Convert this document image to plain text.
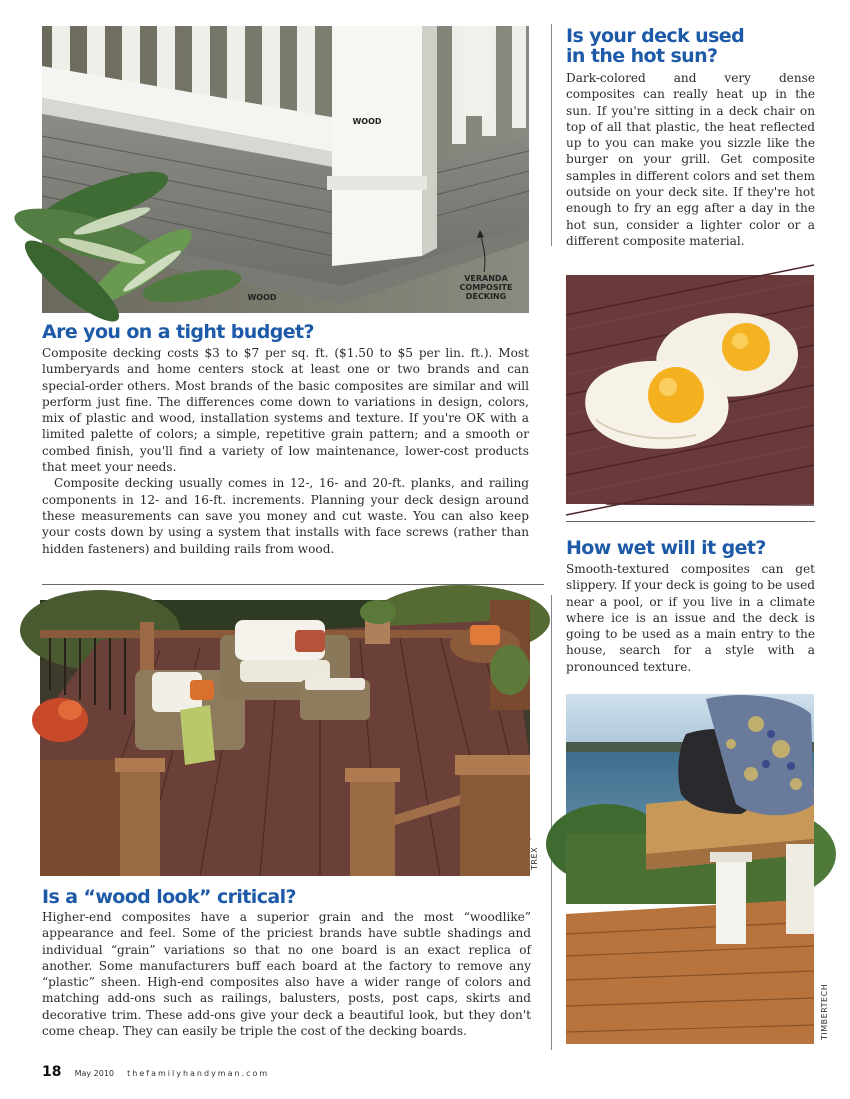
WOOD
WOOD
VERANDA COMPOSITE DECKING
Are you on a tight budget?

Composite decking costs $3 to $7 per sq. ft. ($1.50 to $5 per lin. ft.). Most lumberyards and home centers stock at least one or two brands and can special-order others. Most brands of the basic composites are similar and will perform just fine. The differences come down to variations in design, colors, mix of plastic and wood, installation systems and texture. If you're OK with a limited palette of colors; a simple, repetitive grain pattern; and a smooth or combed finish, you'll find a variety of low maintenance, lower-cost products that meet your needs.

Composite decking usually comes in 12-, 16- and 20-ft. planks, and railing components in 12- and 16-ft. increments. Planning your deck design around these measurements can save you money and cut waste. You can also keep your costs down by using a system that installs with face screws (rather than hidden fasteners) and building rails from wood.

TREX
Is a “wood look” critical?

Higher-end composites have a superior grain and the most “woodlike” appearance and feel. Some of the priciest brands have subtle shadings and individual “grain” variations so that no one board is an exact replica of another. Some manufacturers buff each board at the factory to remove any “plastic” sheen. High-end composites also have a wider range of colors and matching add-ons such as railings, balusters, posts, post caps, skirts and decorative trim. These add-ons give your deck a beautiful look, but they don't come cheap. They can easily be triple the cost of the decking boards.

Is your deck used
in the hot sun?

Dark-colored and very dense composites can really heat up in the sun. If you're sitting in a deck chair on top of all that plastic, the heat reflected up to you can make you sizzle like the burger on your grill. Get composite samples in different colors and set them outside on your deck site. If they're hot enough to fry an egg after a day in the hot sun, consider a lighter color or a different composite material.

How wet will it get?

Smooth-textured composites can get slippery. If your deck is going to be used near a pool, or if you live in a climate where ice is an issue and the deck is going to be used as a main entry to the house, search for a style with a pronounced texture.

TIMBERTECH
18 May 2010 thefamilyhandyman.com
